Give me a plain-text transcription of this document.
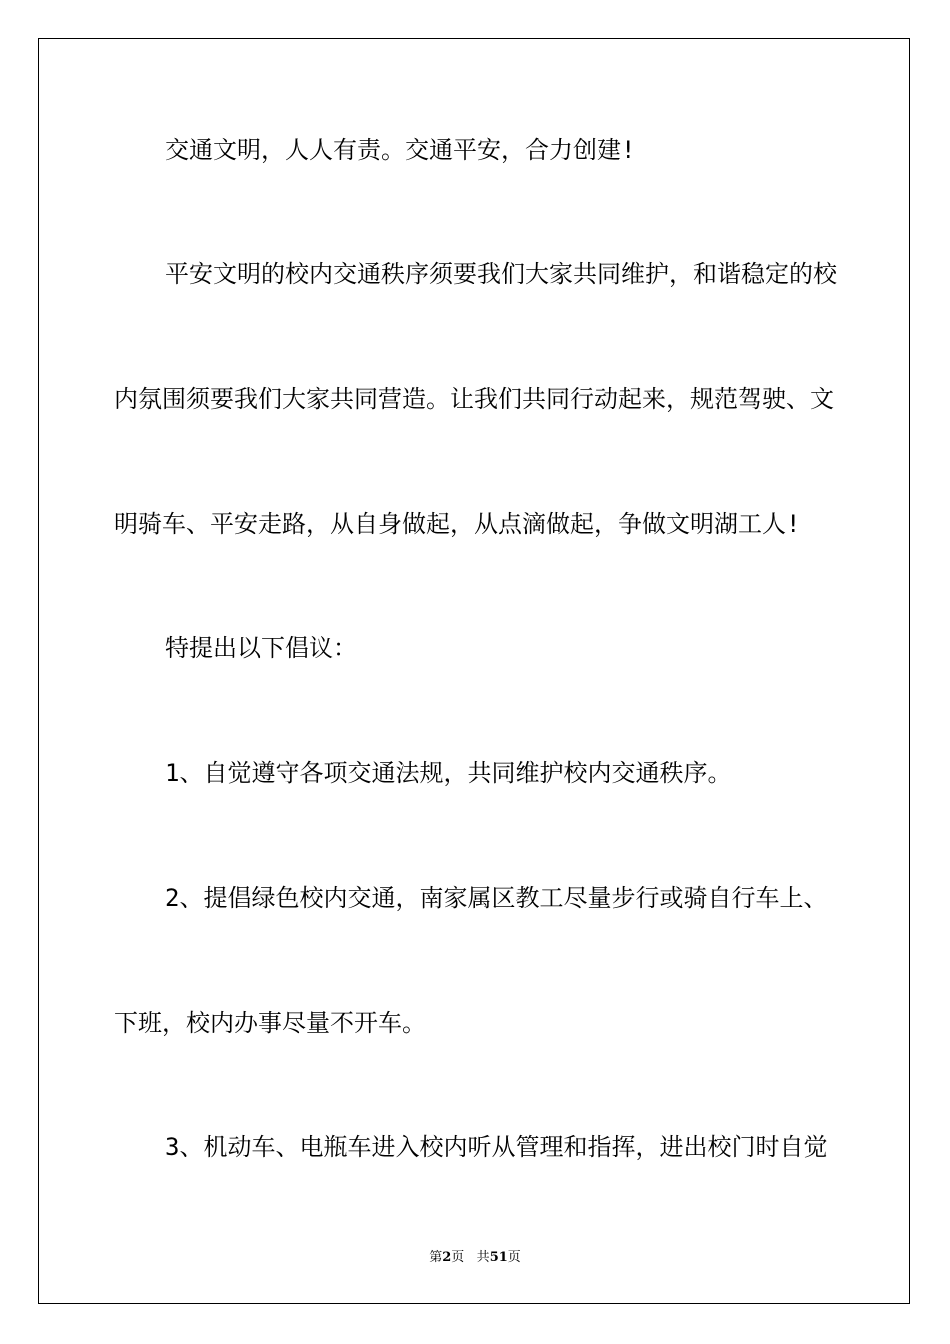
交通文明，人人有责。交通平安，合力创建!

平安文明的校内交通秩序须要我们大家共同维护，和谐稳定的校

内氛围须要我们大家共同营造。让我们共同行动起来，规范驾驶、文

明骑车、平安走路，从自身做起，从点滴做起，争做文明湖工人!

特提出以下倡议：

1、自觉遵守各项交通法规，共同维护校内交通秩序。

2、提倡绿色校内交通，南家属区教工尽量步行或骑自行车上、

下班，校内办事尽量不开车。

3、机动车、电瓶车进入校内听从管理和指挥，进出校门时自觉

第2页 共51页
